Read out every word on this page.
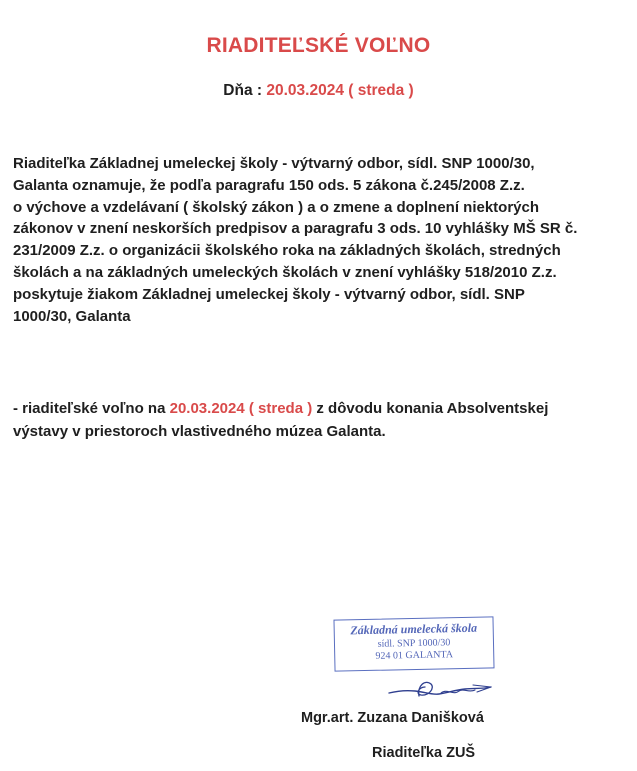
RIADITEĽSKÉ VOĽNO
Dňa : 20.03.2024 ( streda )
Riaditeľka Základnej umeleckej školy - výtvarný odbor, sídl. SNP 1000/30,
Galanta oznamuje, že podľa paragrafu 150 ods. 5 zákona č.245/2008 Z.z.
o výchove a vzdelávaní ( školský zákon ) a o zmene a doplnení niektorých
zákonov v znení neskorších predpisov a paragrafu 3 ods. 10 vyhlášky MŠ SR č.
231/2009 Z.z. o organizácii školského roka na základných školách, stredných
školách a na základných umeleckých školách v znení vyhlášky 518/2010 Z.z.
poskytuje žiakom Základnej umeleckej školy - výtvarný odbor, sídl. SNP
1000/30, Galanta
- riaditeľské voľno na 20.03.2024 ( streda ) z dôvodu konania Absolventskej
výstavy v priestoroch vlastivedného múzea Galanta.
Základná umelecká škola
sídl. SNP 1000/30
924 01 GALANTA
Mgr.art. Zuzana Danišková
Riaditeľka ZUŠ
